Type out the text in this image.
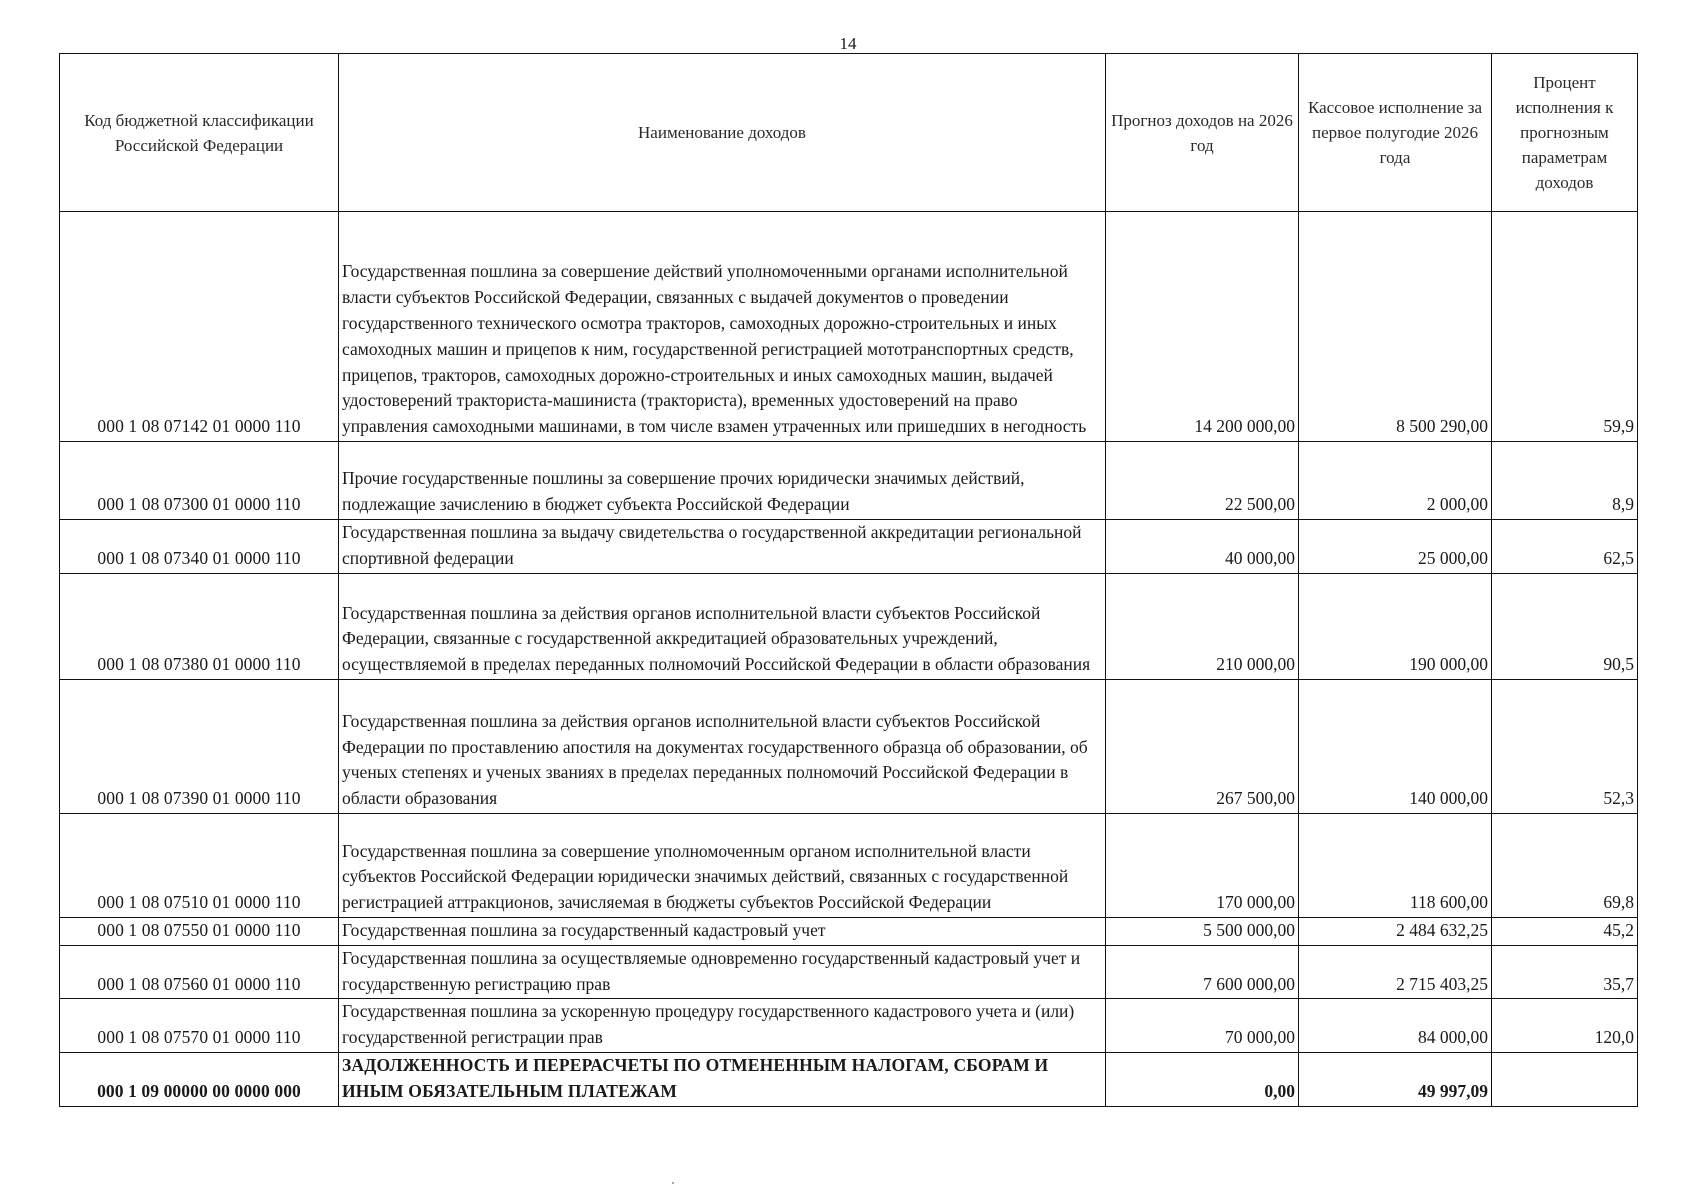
14
Код бюджетной классификации Российской Федерации	Наименование доходов	Прогноз доходов на 2026 год	Кассовое исполнение за первое полугодие 2026 года	Процент исполнения к прогнозным параметрам доходов
000 1 08 07142 01 0000 110	Государственная пошлина за совершение действий уполномоченными органами исполнительной власти субъектов Российской Федерации, связанных с выдачей документов о проведении государственного технического осмотра тракторов, самоходных дорожно-строительных и иных самоходных машин и прицепов к ним, государственной регистрацией мототранспортных средств, прицепов, тракторов, самоходных дорожно-строительных и иных самоходных машин, выдачей удостоверений тракториста-машиниста (тракториста), временных удостоверений на право управления самоходными машинами, в том числе взамен утраченных или пришедших в негодность	14 200 000,00	8 500 290,00	59,9
000 1 08 07300 01 0000 110	Прочие государственные пошлины за совершение прочих юридически значимых действий, подлежащие зачислению в бюджет субъекта Российской Федерации	22 500,00	2 000,00	8,9
000 1 08 07340 01 0000 110	Государственная пошлина за выдачу свидетельства о государственной аккредитации региональной спортивной федерации	40 000,00	25 000,00	62,5
000 1 08 07380 01 0000 110	Государственная пошлина за действия органов исполнительной власти субъектов Российской Федерации, связанные с государственной аккредитацией образовательных учреждений, осуществляемой в пределах переданных полномочий Российской Федерации в области образования	210 000,00	190 000,00	90,5
000 1 08 07390 01 0000 110	Государственная пошлина за действия органов исполнительной власти субъектов Российской Федерации по проставлению апостиля на документах государственного образца об образовании, об ученых степенях и ученых званиях в пределах переданных полномочий Российской Федерации в области образования	267 500,00	140 000,00	52,3
000 1 08 07510 01 0000 110	Государственная пошлина за совершение уполномоченным органом исполнительной власти субъектов Российской Федерации юридически значимых действий, связанных с государственной регистрацией аттракционов, зачисляемая в бюджеты субъектов Российской Федерации	170 000,00	118 600,00	69,8
000 1 08 07550 01 0000 110	Государственная пошлина за государственный кадастровый учет	5 500 000,00	2 484 632,25	45,2
000 1 08 07560 01 0000 110	Государственная пошлина за осуществляемые одновременно государственный кадастровый учет и государственную регистрацию прав	7 600 000,00	2 715 403,25	35,7
000 1 08 07570 01 0000 110	Государственная пошлина за ускоренную процедуру государственного кадастрового учета и (или) государственной регистрации прав	70 000,00	84 000,00	120,0
000 1 09 00000 00 0000 000	ЗАДОЛЖЕННОСТЬ И ПЕРЕРАСЧЕТЫ ПО ОТМЕНЕННЫМ НАЛОГАМ, СБОРАМ И ИНЫМ ОБЯЗАТЕЛЬНЫМ ПЛАТЕЖАМ	0,00	49 997,09	
